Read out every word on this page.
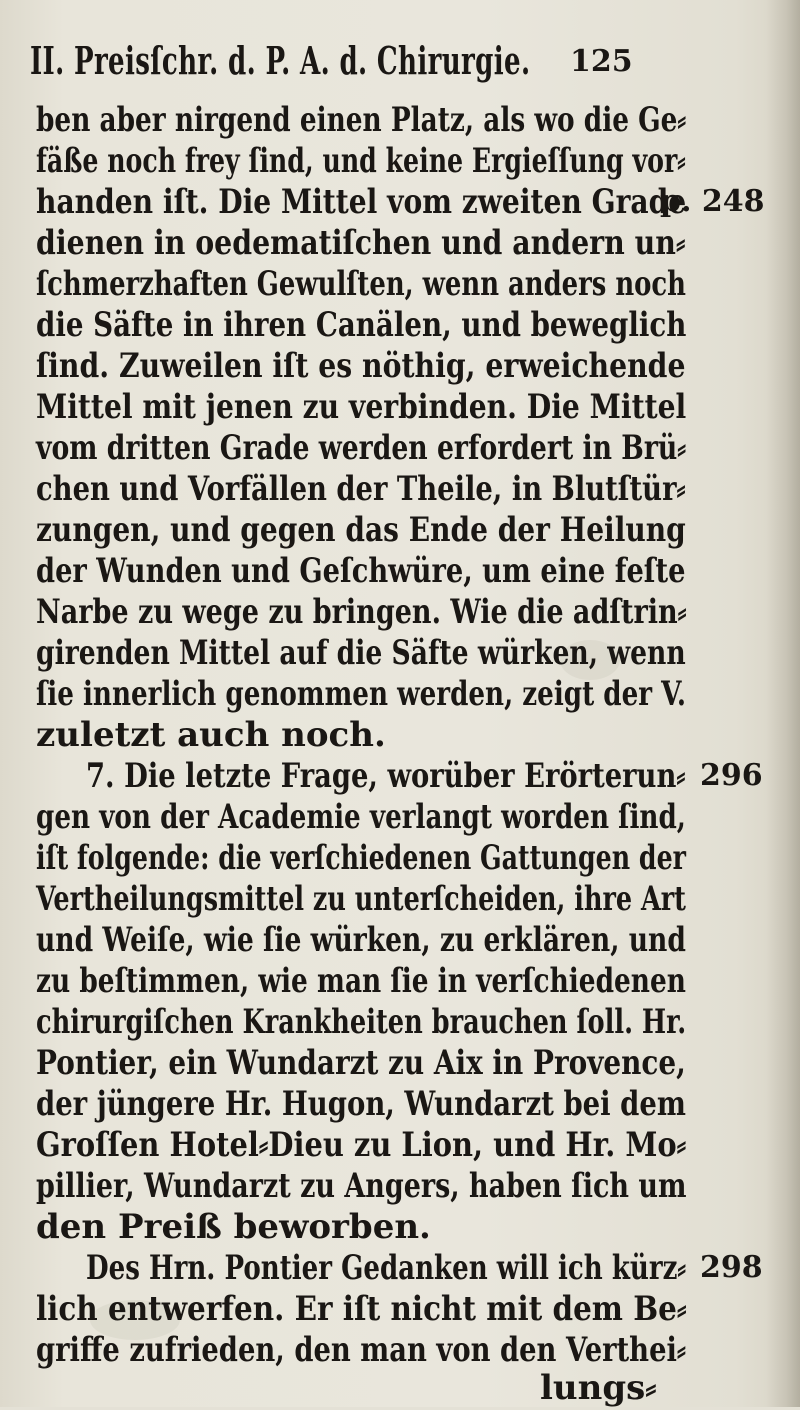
II. Preisſchr. d. P. A. d. Chirurgie. 125
ben aber nirgend einen Platz, als wo die Ge⸗
fäße noch frey ſind, und keine Ergieſſung vor⸗
handen iſt. Die Mittel vom zweiten Grade
dienen in oedematiſchen und andern un⸗
ſchmerzhaften Gewulſten, wenn anders noch
die Säfte in ihren Canälen, und beweglich
ſind. Zuweilen iſt es nöthig, erweichende
Mittel mit jenen zu verbinden. Die Mittel
vom dritten Grade werden erfordert in Brü⸗
chen und Vorfällen der Theile, in Blutſtür⸗
zungen, und gegen das Ende der Heilung
der Wunden und Geſchwüre, um eine feſte
Narbe zu wege zu bringen. Wie die adſtrin⸗
girenden Mittel auf die Säfte würken, wenn
ſie innerlich genommen werden, zeigt der V.
zuletzt auch noch.
7. Die letzte Frage, worüber Erörterun⸗
gen von der Academie verlangt worden ſind,
iſt folgende: die verſchiedenen Gattungen der
Vertheilungsmittel zu unterſcheiden, ihre Art
und Weiſe, wie ſie würken, zu erklären, und
zu beſtimmen, wie man ſie in verſchiedenen
chirurgiſchen Krankheiten brauchen ſoll. Hr.
Pontier, ein Wundarzt zu Aix in Provence,
der jüngere Hr. Hugon, Wundarzt bei dem
Groſſen Hotel⸗Dieu zu Lion, und Hr. Mo⸗
pillier, Wundarzt zu Angers, haben ſich um
den Preiß beworben.
Des Hrn. Pontier Gedanken will ich kürz⸗
lich entwerfen. Er iſt nicht mit dem Be⸗
griffe zufrieden, den man von den Verthei⸗
lungs⸗
p. 248
296
298
